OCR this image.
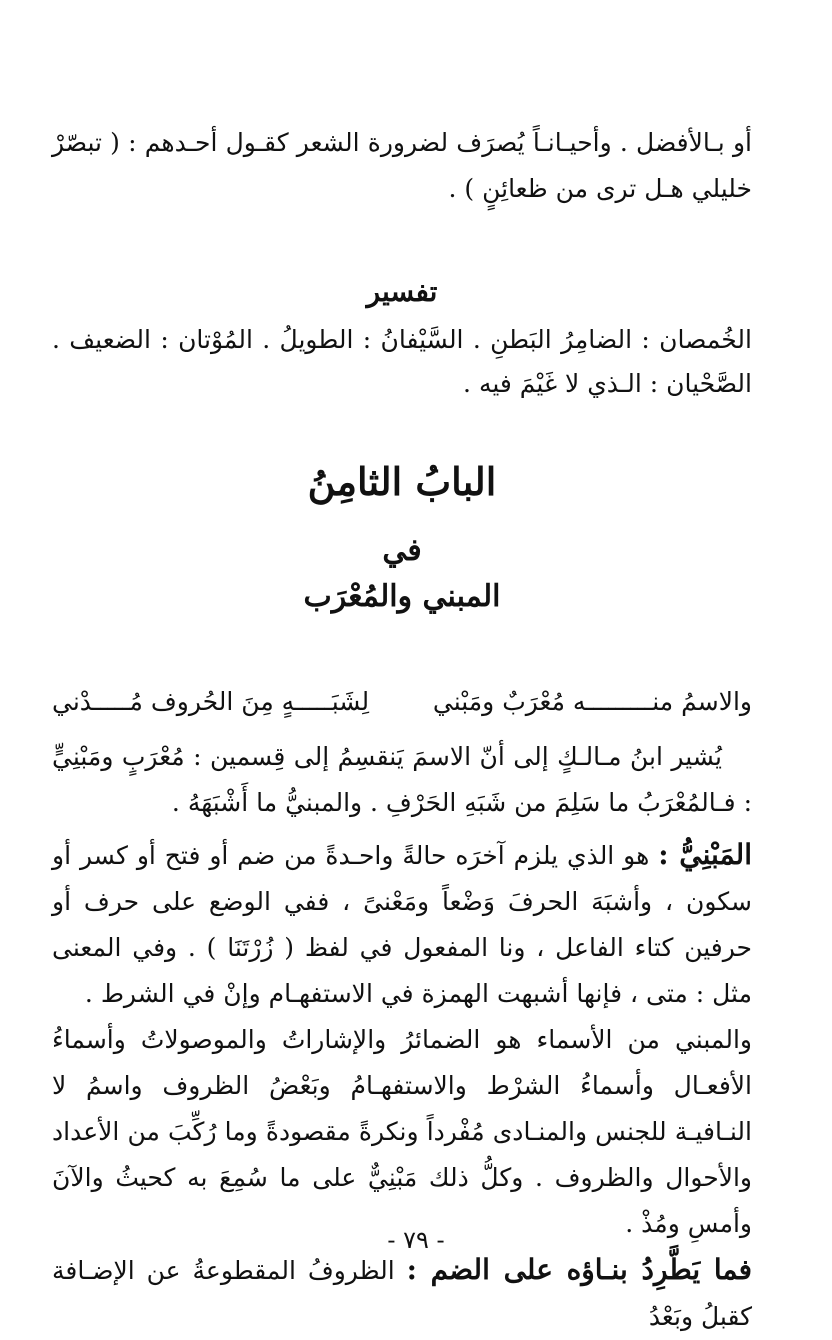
أو بـالأفضل . وأحيـانـاً يُصرَف لضرورة الشعر كقـول أحـدهم : ( تبصّرْ خليلي هـل ترى من ظعائِنٍ ) .

تفسير

الخُمصان : الضامِرُ البَطنِ . السَّيْفانُ : الطويلُ . المُوْتان : الضعيف . الصَّحْيان : الـذي لا غَيْمَ فيه .

البابُ الثامِنُ
في
المبني والمُعْرَب
والاسمُ منـــــــــه مُعْرَبٌ ومَبْني
لِشَبَـــــهٍ مِنَ الحُروف مُـــــدْني

يُشير ابنُ مـالـكٍ إلى أنّ الاسمَ يَنقسِمُ إلى قِسمين : مُعْرَبٍ ومَبْنِيٍّ : فـالمُعْرَبُ ما سَلِمَ من شَبَهِ الحَرْفِ . والمبنيُّ ما أَشْبَهَهُ .

المَبْنِيُّ : هو الذي يلزم آخرَه حالةً واحـدةً من ضم أو فتح أو كسر أو سكون ، وأشبَهَ الحرفَ وَضْعاً ومَعْنىً ، ففي الوضع على حرف أو حرفين كتاء الفاعل ، ونا المفعول في لفظ ( زُرْتَنَا ) . وفي المعنى مثل : متى ، فإنها أشبهت الهمزة في الاستفهـام وإنْ في الشرط .

والمبني من الأسماء هو الضمائرُ والإشاراتُ والموصولاتُ وأسماءُ الأفعـال وأسماءُ الشرْط والاستفهـامُ وبَعْضُ الظروف واسمُ لا النـافيـة للجنس والمنـادى مُفْرداً ونكرةً مقصودةً وما رُكِّبَ من الأعداد والأحوال والظروف . وكلُّ ذلك مَبْنِيٌّ على ما سُمِعَ به كحيثُ والآنَ وأمسِ ومُذْ .

فما يَطَّرِدُ بنـاؤه على الضم : الظروفُ المقطوعةُ عن الإضـافة كقبلُ وبَعْدُ

- ٧٩ -
